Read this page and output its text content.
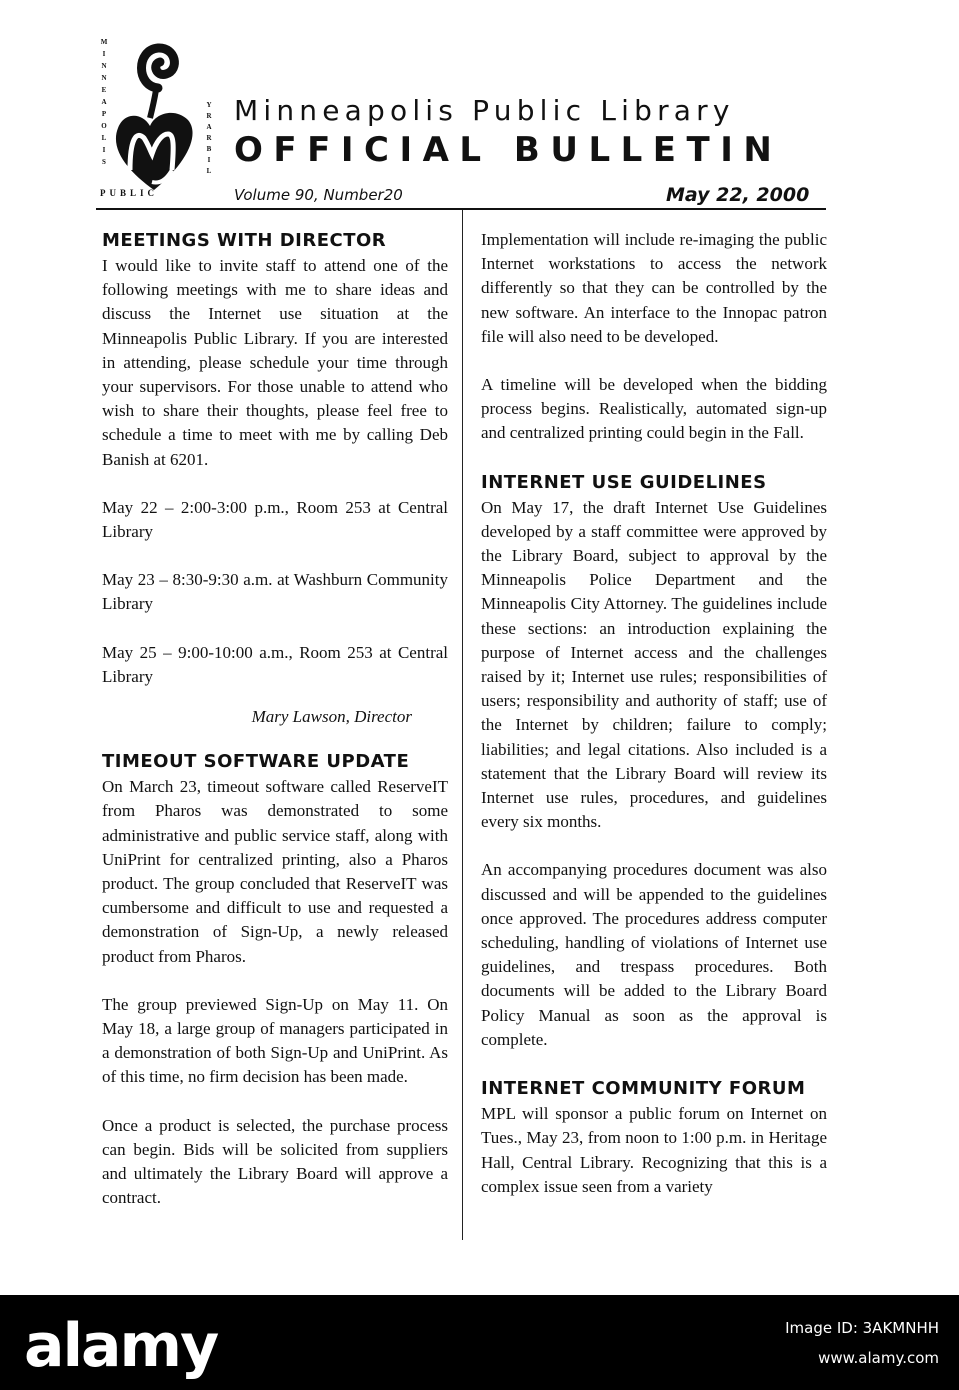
M
I
N
N
E
A
P
O
L
I
S
Y
R
A
R
B
I
L
PUBLIC
Minneapolis Public Library
OFFICIAL BULLETIN
Volume 90, Number20	May 22, 2000
MEETINGS WITH DIRECTOR

I would like to invite staff to attend one of the following meetings with me to share ideas and discuss the Internet use situation at the Minneapolis Public Library. If you are interested in attending, please schedule your time through your supervisors. For those unable to attend who wish to share their thoughts, please feel free to schedule a time to meet with me by calling Deb Banish at 6201.

May 22 – 2:00-3:00 p.m., Room 253 at Central Library

May 23 – 8:30-9:30 a.m. at Washburn Community Library

May 25 – 9:00-10:00 a.m., Room 253 at Central Library

Mary Lawson, Director

TIMEOUT SOFTWARE UPDATE

On March 23, timeout software called ReserveIT from Pharos was demonstrated to some administrative and public service staff, along with UniPrint for centralized printing, also a Pharos product. The group concluded that ReserveIT was cumbersome and difficult to use and requested a demonstration of Sign-Up, a newly released product from Pharos.

The group previewed Sign-Up on May 11. On May 18, a large group of managers participated in a demonstration of both Sign-Up and UniPrint. As of this time, no firm decision has been made.

Once a product is selected, the purchase process can begin. Bids will be solicited from suppliers and ultimately the Library Board will approve a contract.

Implementation will include re-imaging the public Internet workstations to access the network differently so that they can be controlled by the new software. An interface to the Innopac patron file will also need to be developed.

A timeline will be developed when the bidding process begins. Realistically, automated sign-up and centralized printing could begin in the Fall.

INTERNET USE GUIDELINES

On May 17, the draft Internet Use Guidelines developed by a staff committee were approved by the Library Board, subject to approval by the Minneapolis Police Department and the Minneapolis City Attorney. The guidelines include these sections: an introduction explaining the purpose of Internet access and the challenges raised by it; Internet use rules; responsibilities of users; responsibility and authority of staff; use of the Internet by children; failure to comply; liabilities; and legal citations. Also included is a statement that the Library Board will review its Internet use rules, procedures, and guidelines every six months.

An accompanying procedures document was also discussed and will be appended to the guidelines once approved. The procedures address computer scheduling, handling of violations of Internet use guidelines, and trespass procedures. Both documents will be added to the Library Board Policy Manual as soon as the approval is complete.

INTERNET COMMUNITY FORUM

MPL will sponsor a public forum on Internet on Tues., May 23, from noon to 1:00 p.m. in Heritage Hall, Central Library. Recognizing that this is a complex issue seen from a variety

alamy	Image ID: 3AKMNHH
www.alamy.com
